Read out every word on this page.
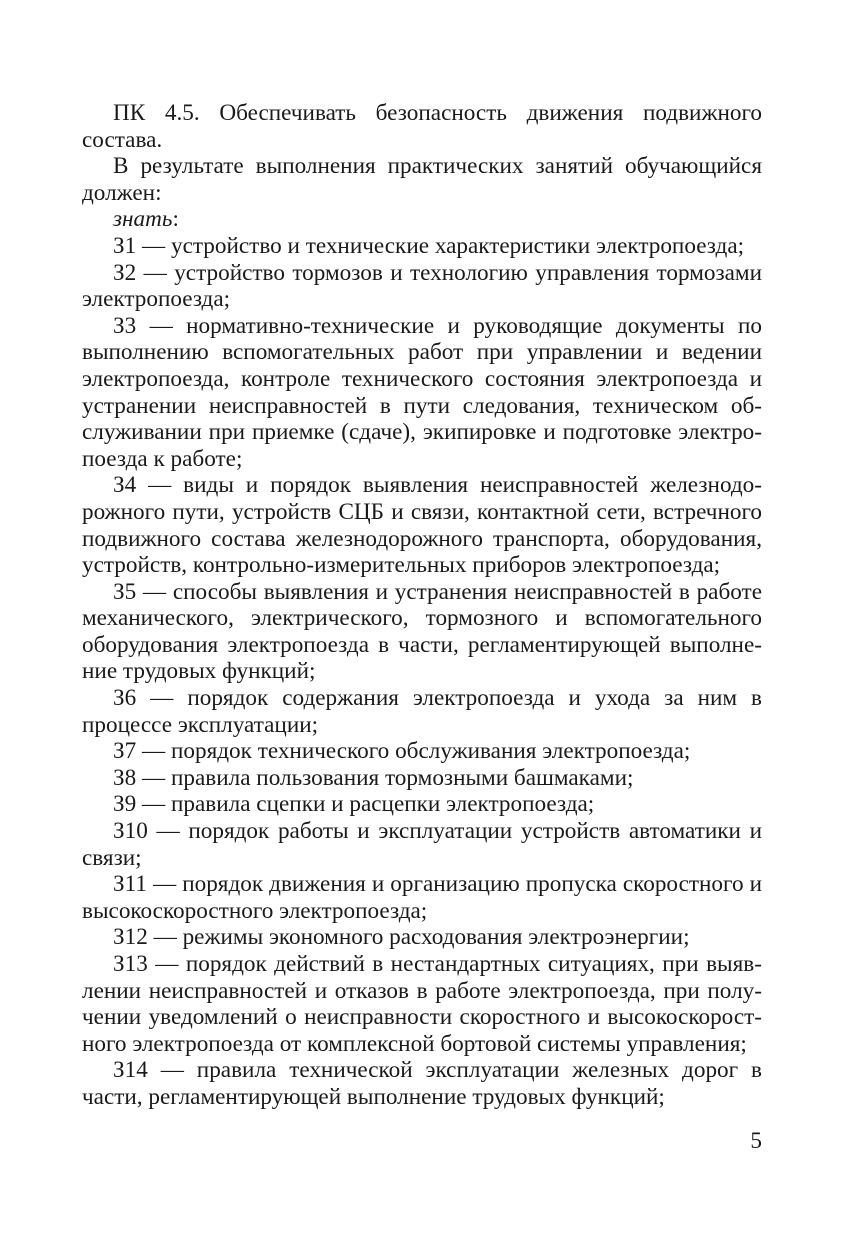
ПК 4.5. Обеспечивать безопасность движения подвижного состава.

В результате выполнения практических занятий обучающийся должен:

знать:

З1 — устройство и технические характеристики электропоезда;

З2 — устройство тормозов и технологию управления тормозами электропоезда;

З3 — нормативно-технические и руководящие документы по выполнению вспомогательных работ при управлении и ведении электропоезда, контроле технического состояния электропоезда и устранении неисправностей в пути следования, техническом обслуживании при приемке (сдаче), экипировке и подготовке электропоезда к работе;

З4 — виды и порядок выявления неисправностей железнодорожного пути, устройств СЦБ и связи, контактной сети, встречного подвижного состава железнодорожного транспорта, оборудования, устройств, контрольно-измерительных приборов электропоезда;

З5 — способы выявления и устранения неисправностей в работе механического, электрического, тормозного и вспомогательного оборудования электропоезда в части, регламентирующей выполнение трудовых функций;

З6 — порядок содержания электропоезда и ухода за ним в процессе эксплуатации;

З7 — порядок технического обслуживания электропоезда;

З8 — правила пользования тормозными башмаками;

З9 — правила сцепки и расцепки электропоезда;

З10 — порядок работы и эксплуатации устройств автоматики и связи;

З11 — порядок движения и организацию пропуска скоростного и высокоскоростного электропоезда;

З12 — режимы экономного расходования электроэнергии;

З13 — порядок действий в нестандартных ситуациях, при выявлении неисправностей и отказов в работе электропоезда, при получении уведомлений о неисправности скоростного и высокоскоростного электропоезда от комплексной бортовой системы управления;

З14 — правила технической эксплуатации железных дорог в части, регламентирующей выполнение трудовых функций;

5
